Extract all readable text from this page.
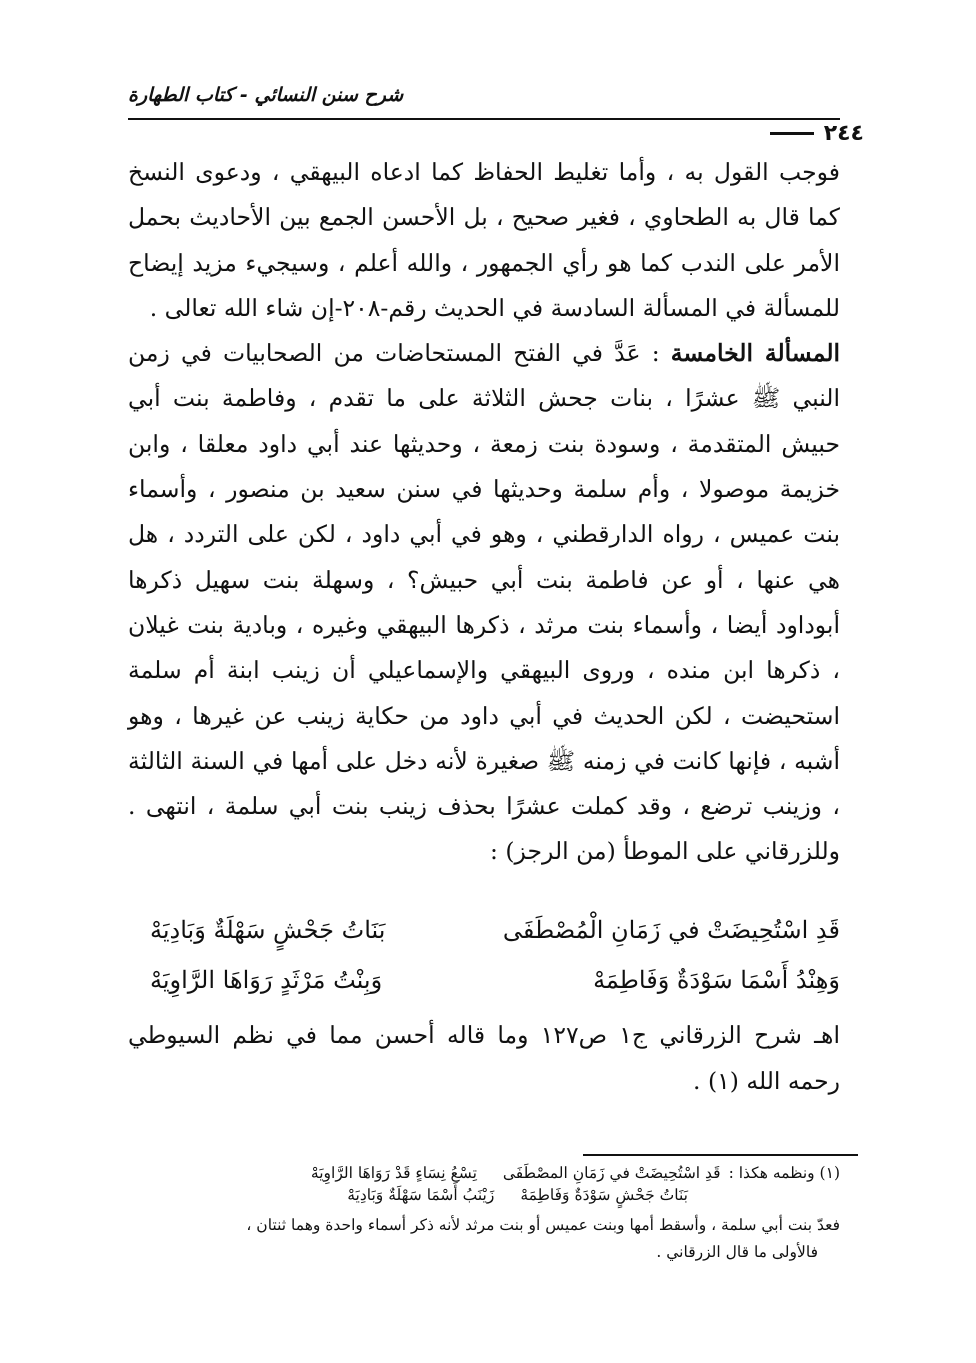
شرح سنن النسائي - كتاب الطهارة
٢٤٤

فوجب القول به ، وأما تغليط الحفاظ كما ادعاه البيهقي ، ودعوى النسخ كما قال به الطحاوي ، فغير صحيح ، بل الأحسن الجمع بين الأحاديث بحمل الأمر على الندب كما هو رأي الجمهور ، والله أعلم ، وسيجيء مزيد إيضاح للمسألة في المسألة السادسة في الحديث رقم-٢٠٨-إن شاء الله تعالى .

المسألة الخامسة : عَدَّ في الفتح المستحاضات من الصحابيات في زمن النبي ﷺ عشرًا ، بنات جحش الثلاثة على ما تقدم ، وفاطمة بنت أبي حبيش المتقدمة ، وسودة بنت زمعة ، وحديثها عند أبي داود معلقا ، وابن خزيمة موصولا ، وأم سلمة وحديثها في سنن سعيد بن منصور ، وأسماء بنت عميس ، رواه الدارقطني ، وهو في أبي داود ، لكن على التردد ، هل هي عنها ، أو عن فاطمة بنت أبي حبيش؟ ، وسهلة بنت سهيل ذكرها أبوداود أيضا ، وأسماء بنت مرثد ، ذكرها البيهقي وغيره ، وبادية بنت غيلان ، ذكرها ابن منده ، وروى البيهقي والإسماعيلي أن زينب ابنة أم سلمة استحيضت ، لكن الحديث في أبي داود من حكاية زينب عن غيرها ، وهو أشبه ، فإنها كانت في زمنه ﷺ صغيرة لأنه دخل على أمها في السنة الثالثة ، وزينب ترضع ، وقد كملت عشرًا بحذف زينب بنت أبي سلمة ، انتهى . وللزرقاني على الموطأ (من الرجز) :

قَدِ اسْتُحِيضَتْ في زَمَانِ الْمُصْطَفَى
بَنَاتُ جَحْشٍ سَهْلَةٌ وَبَادِيَهْ
وَهِنْدُ أَسْمَا سَوْدَةٌ وَفَاطِمَهْ
وَبِنْتُ مَرْثَدٍ رَوَاهَا الرَّاوِيَهْ

اهـ شرح الزرقاني ج١ ص١٢٧ وما قاله أحسن مما في نظم السيوطي رحمه الله (١) .

(١) ونظمه هكذا :
قَدِ اسْتُحِيضَتْ في زَمَانِ المصْطَفَى
تِسْعُ نِسَاءٍ قَدْ رَوَاهَا الرَّاوِيَهْ
بَنَاتُ جَحْشٍ سَوْدَةٌ وَفَاطِمَهْ
زَيْنَبُ أَسْمَا سَهْلَةٌ وَبَادِيَهْ

فعدّ بنت أبي سلمة ، وأسقط أمها وبنت عميس أو بنت مرثد لأنه ذكر أسماء واحدة وهما ثنتان ،

فالأولى ما قال الزرقاني .
